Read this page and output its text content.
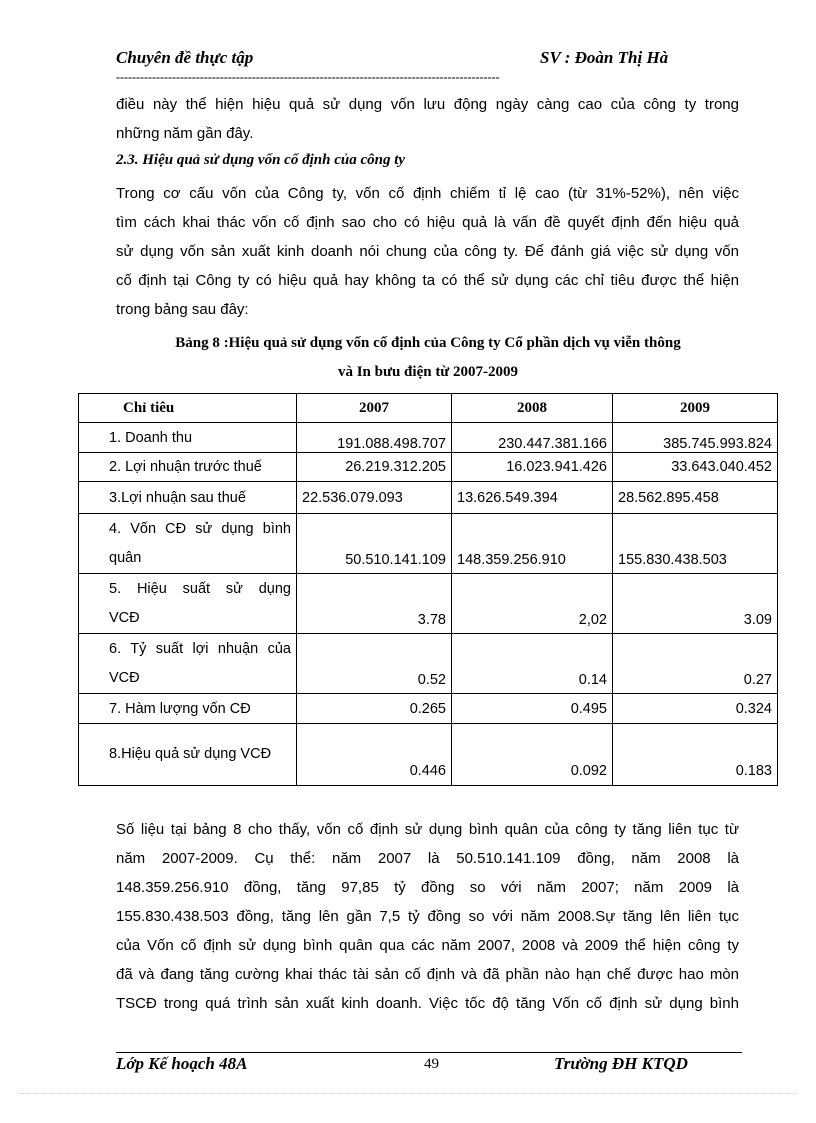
Chuyên đề thực tập	SV : Đoàn Thị Hà
------------------------------------------------------------------------------------------------
điều này thể hiện hiệu quả sử dụng vốn lưu động ngày càng cao của công ty trong
những năm gần đây.
2.3. Hiệu quả sử dụng vốn cố định của công ty
Trong cơ cấu vốn của Công ty, vốn cố định chiếm tỉ lệ cao (từ 31%-52%), nên việc
tìm cách khai thác vốn cố định sao cho có hiệu quả là vấn đề quyết định đến hiệu quả
sử dụng vốn sản xuất kinh doanh nói chung của công ty. Để đánh giá việc sử dụng vốn
cố định tại Công ty có hiệu quả hay không ta có thể sử dụng các chỉ tiêu được thể hiện
trong bảng sau đây:
Bảng 8 :Hiệu quả sử dụng vốn cố định của Công ty Cổ phần dịch vụ viễn thông
và In bưu điện từ 2007-2009
Chỉ tiêu	2007	2008	2009
1. Doanh thu	191.088.498.707	230.447.381.166	385.745.993.824
2. Lợi nhuận trước thuế	26.219.312.205	16.023.941.426	33.643.040.452
3.Lợi nhuận sau thuế	22.536.079.093	13.626.549.394	28.562.895.458

4. Vốn CĐ sử dụng bình
quân	50.510.141.109	148.359.256.910	155.830.438.503

5. Hiệu suất sử dụng
VCĐ	3.78	2,02	3.09

6. Tỷ suất lợi nhuận của
VCĐ	0.52	0.14	0.27
7. Hàm lượng vốn CĐ	0.265	0.495	0.324
8.Hiệu quả sử dụng VCĐ	0.446	0.092	0.183
Số liệu tại bảng 8 cho thấy, vốn cố định sử dụng bình quân của công ty tăng liên tục từ
năm 2007-2009. Cụ thể: năm 2007 là 50.510.141.109 đồng, năm 2008 là
148.359.256.910 đồng, tăng 97,85 tỷ đồng so với năm 2007; năm 2009 là
155.830.438.503 đồng, tăng lên gần 7,5 tỷ đồng so với năm 2008.Sự tăng lên liên tục
của Vốn cố định sử dụng bình quân qua các năm 2007, 2008 và 2009 thể hiện công ty
đã và đang tăng cường khai thác tài sản cố định và đã phần nào hạn chế được hao mòn
TSCĐ trong quá trình sản xuất kinh doanh. Việc tốc độ tăng Vốn cố định sử dụng bình
Lớp Kế hoạch 48A	49	Trường ĐH KTQD
